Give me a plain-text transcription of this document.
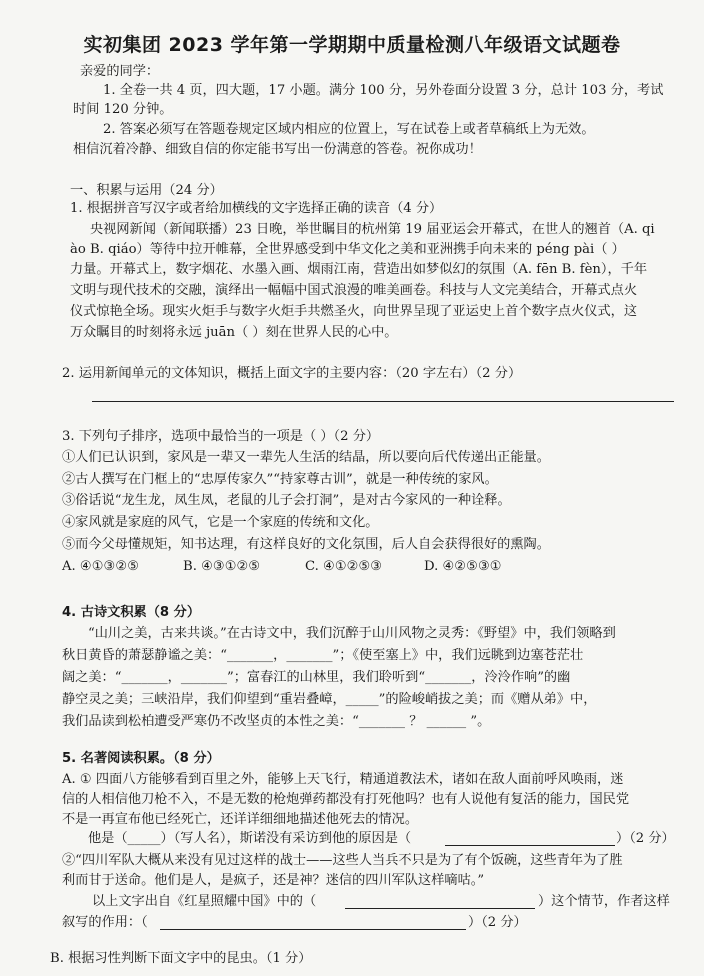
实初集团 2023 学年第一学期期中质量检测八年级语文试题卷
亲爱的同学：
1. 全卷一共 4 页，四大题，17 小题。满分 100 分，另外卷面分设置 3 分，总计 103 分，考试
时间 120 分钟。
2. 答案必须写在答题卷规定区域内相应的位置上，写在试卷上或者草稿纸上为无效。
相信沉着冷静、细致自信的你定能书写出一份满意的答卷。祝你成功！
一、积累与运用（24 分）
1. 根据拼音写汉字或者给加横线的文字选择正确的读音（4 分）
央视网新闻（新闻联播）23 日晚，举世瞩目的杭州第 19 届亚运会开幕式，在世人的翘首（A. qi
ào B. qiáo）等待中拉开帷幕，全世界感受到中华文化之美和亚洲携手向未来的 péng pài（ ）
力量。开幕式上，数字烟花、水墨入画、烟雨江南，营造出如梦似幻的氛围（A. fēn B. fèn），千年
文明与现代技术的交融，演绎出一幅幅中国式浪漫的唯美画卷。科技与人文完美结合，开幕式点火
仪式惊艳全场。现实火炬手与数字火炬手共燃圣火，向世界呈现了亚运史上首个数字点火仪式，这
万众瞩目的时刻将永远 juān（ ）刻在世界人民的心中。
2. 运用新闻单元的文体知识，概括上面文字的主要内容：（20 字左右）（2 分）
3. 下列句子排序，选项中最恰当的一项是（ ）（2 分）
①人们已认识到，家风是一辈又一辈先人生活的结晶，所以要向后代传递出正能量。
②古人撰写在门框上的“忠厚传家久”“持家尊古训”，就是一种传统的家风。
③俗话说“龙生龙，凤生凤，老鼠的儿子会打洞”，是对古今家风的一种诠释。
④家风就是家庭的风气，它是一个家庭的传统和文化。
⑤而今父母懂规矩，知书达理，有这样良好的文化氛围，后人自会获得很好的熏陶。
A. ④①③②⑤	B. ④③①②⑤	C. ④①②⑤③	D. ④②⑤③①
4. 古诗文积累（8 分）
“山川之美，古来共谈。”在古诗文中，我们沉醉于山川风物之灵秀：《野望》中，我们领略到
秋日黄昏的萧瑟静谧之美：“_______，_______”；《使至塞上》中，我们远眺到边塞苍茫壮
阔之美：“_______，_______”；富春江的山林里，我们聆听到“_______，泠泠作响”的幽
静空灵之美；三峡沿岸，我们仰望到“重岩叠嶂，_____”的险峻峭拔之美；而《赠从弟》中，
我们品读到松柏遭受严寒仍不改坚贞的本性之美：“_______ ？ ______ ”。
5. 名著阅读积累。（8 分）
A. ① 四面八方能够看到百里之外，能够上天飞行，精通道教法术，诸如在敌人面前呼风唤雨，迷
信的人相信他刀枪不入，不是无数的枪炮弹药都没有打死他吗？也有人说他有复活的能力，国民党
不是一再宣布他已经死亡，还详详细细地描述他死去的情况。
他是（_____）（写人名），斯诺没有采访到他的原因是（	）（2 分）
②“四川军队大概从来没有见过这样的战士——这些人当兵不只是为了有个饭碗，这些青年为了胜
利而甘于送命。他们是人，是疯子，还是神？迷信的四川军队这样嘀咕。”
以上文字出自《红星照耀中国》中的（	）这个情节，作者这样
叙写的作用：（	）（2 分）
B. 根据习性判断下面文字中的昆虫。（1 分）
